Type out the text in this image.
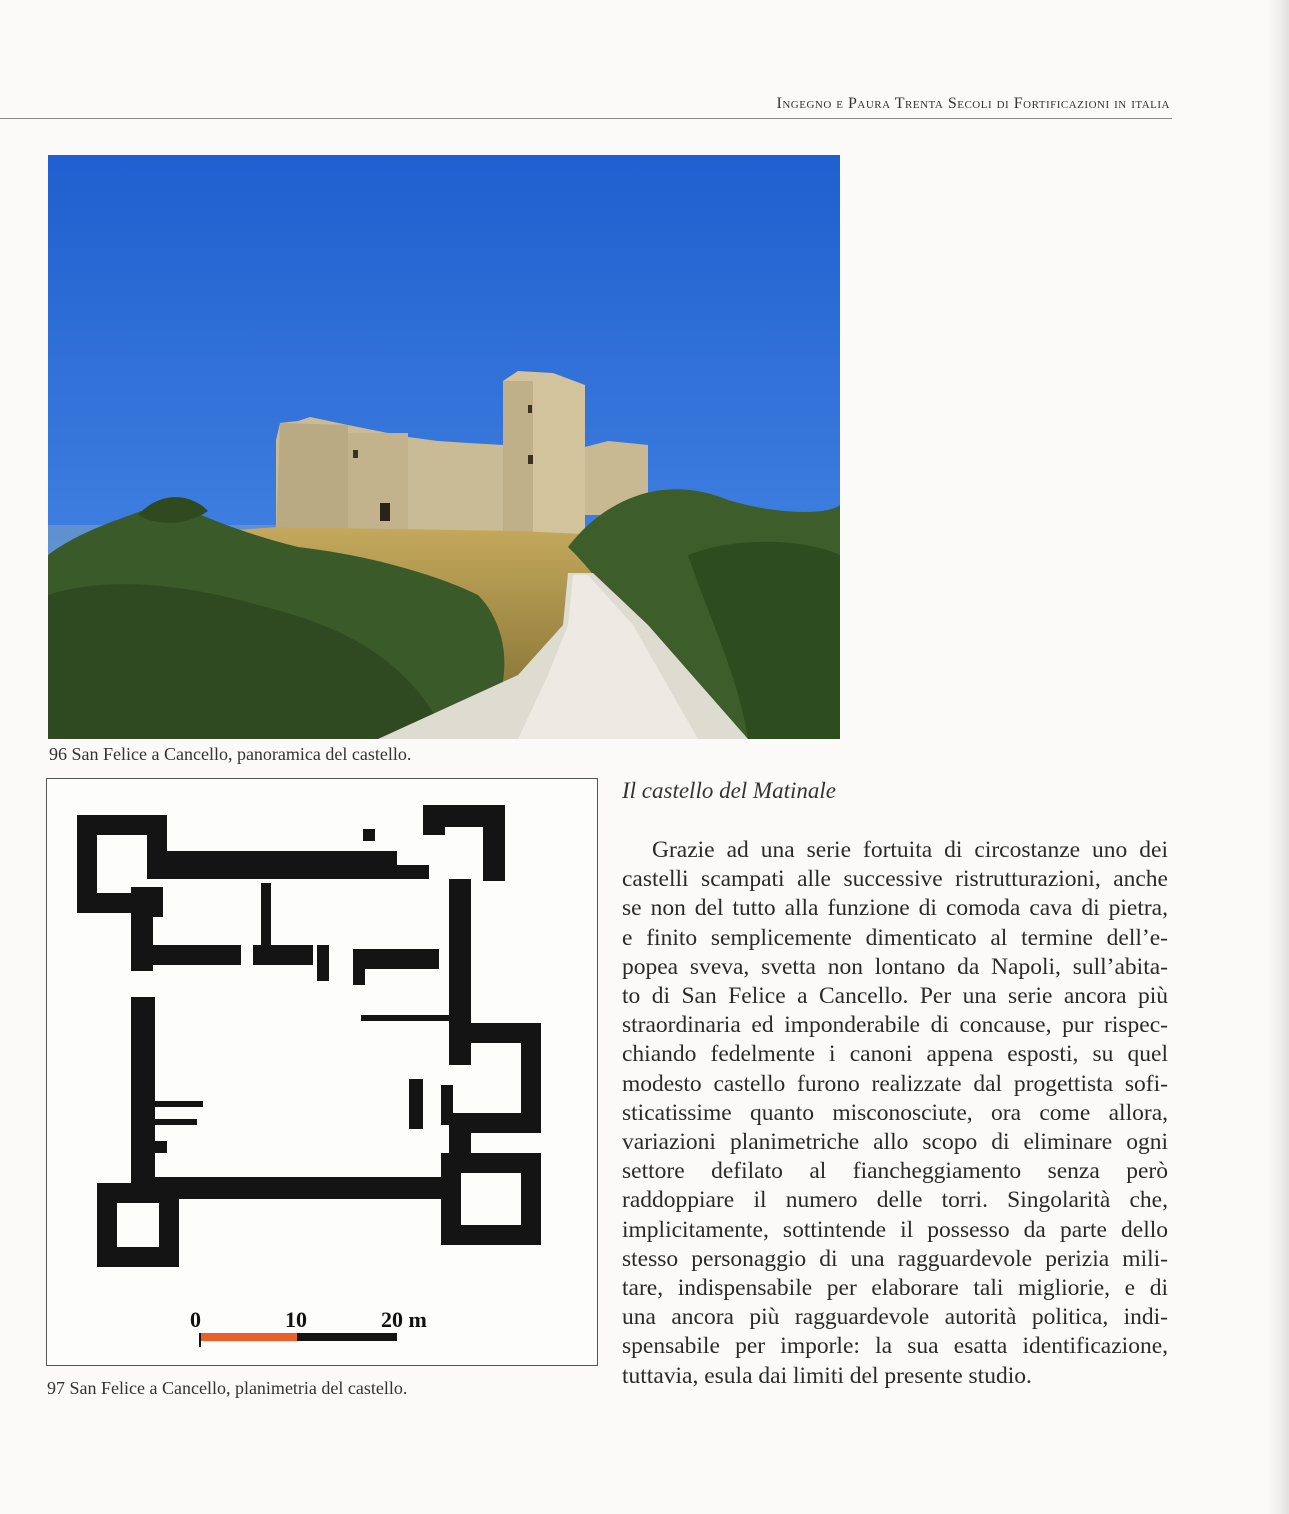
Ingegno e Paura Trenta Secoli di Fortificazioni in italia
96 San Felice a Cancello, panoramica del castello.
0	10	20 m
97 San Felice a Cancello, planimetria del castello.
Il castello del Matinale
Grazie ad una serie fortuita di circostanze uno dei
castelli scampati alle successive ristrutturazioni, anche
se non del tutto alla funzione di comoda cava di pietra,
e finito semplicemente dimenticato al termine dell’e-
popea sveva, svetta non lontano da Napoli, sull’abita-
to di San Felice a Cancello. Per una serie ancora più
straordinaria ed imponderabile di concause, pur rispec-
chiando fedelmente i canoni appena esposti, su quel
modesto castello furono realizzate dal progettista sofi-
sticatissime quanto misconosciute, ora come allora,
variazioni planimetriche allo scopo di eliminare ogni
settore defilato al fiancheggiamento senza però
raddoppiare il numero delle torri. Singolarità che,
implicitamente, sottintende il possesso da parte dello
stesso personaggio di una ragguardevole perizia mili-
tare, indispensabile per elaborare tali migliorie, e di
una ancora più ragguardevole autorità politica, indi-
spensabile per imporle: la sua esatta identificazione,
tuttavia, esula dai limiti del presente studio.
